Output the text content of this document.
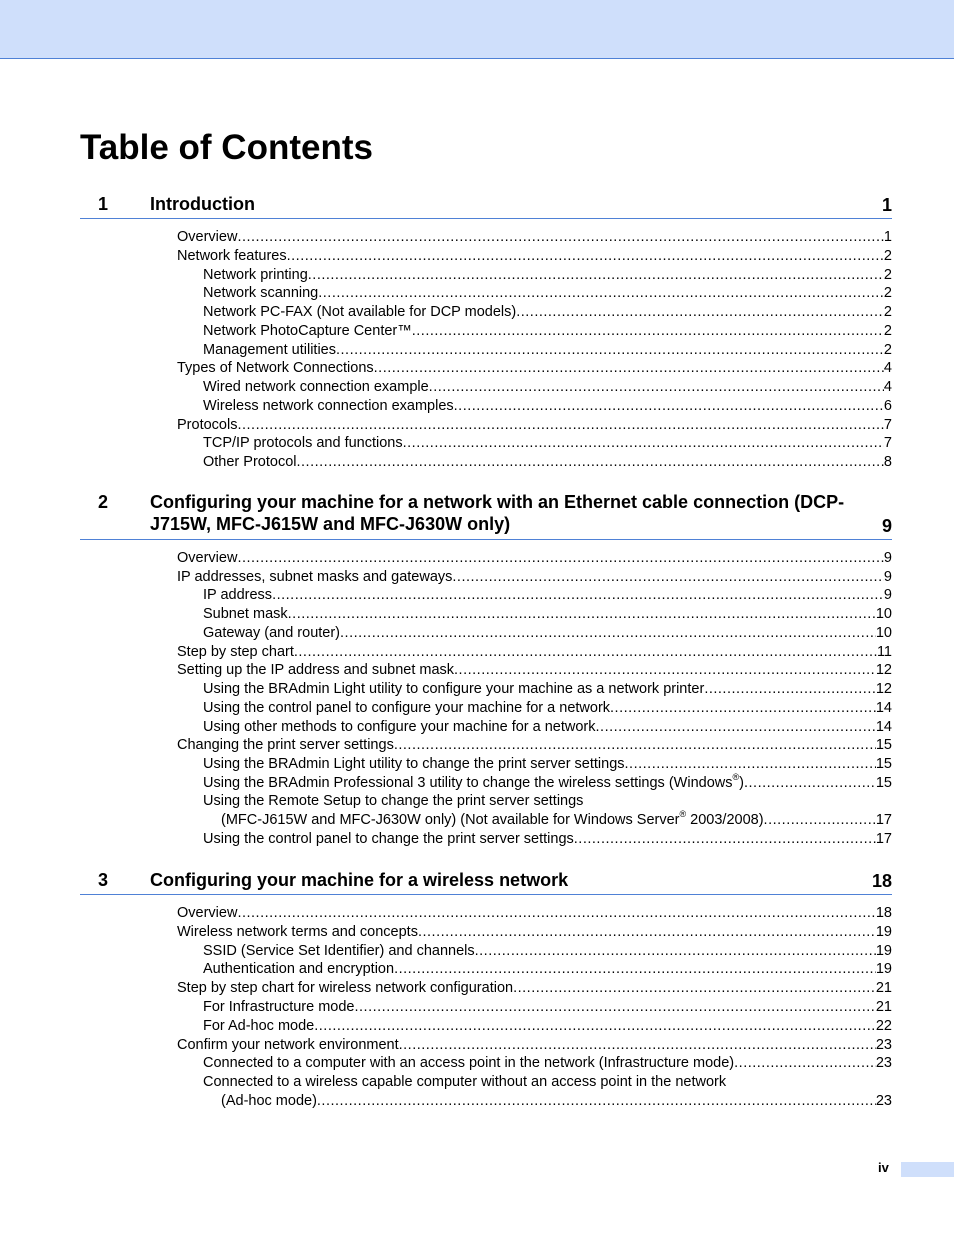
Table of Contents
1 Introduction	1
Overview .....	1
Network features .....	2
Network printing .....	2
Network scanning .....	2
Network PC-FAX (Not available for DCP models) .....	2
Network PhotoCapture Center™ .....	2
Management utilities .....	2
Types of Network Connections .....	4
Wired network connection example .....	4
Wireless network connection examples .....	6
Protocols .....	7
TCP/IP protocols and functions .....	7
Other Protocol .....	8
2 Configuring your machine for a network with an Ethernet cable connection (DCP-J715W, MFC-J615W and MFC-J630W only)	9
Overview .....	9
IP addresses, subnet masks and gateways .....	9
IP address .....	9
Subnet mask .....	10
Gateway (and router) .....	10
Step by step chart .....	11
Setting up the IP address and subnet mask .....	12
Using the BRAdmin Light utility to configure your machine as a network printer .....	12
Using the control panel to configure your machine for a network .....	14
Using other methods to configure your machine for a network .....	14
Changing the print server settings .....	15
Using the BRAdmin Light utility to change the print server settings .....	15
Using the BRAdmin Professional 3 utility to change the wireless settings (Windows®) .....	15
Using the Remote Setup to change the print server settings
(MFC-J615W and MFC-J630W only) (Not available for Windows Server® 2003/2008) .....	17
Using the control panel to change the print server settings .....	17
3 Configuring your machine for a wireless network	18
Overview .....	18
Wireless network terms and concepts .....	19
SSID (Service Set Identifier) and channels .....	19
Authentication and encryption .....	19
Step by step chart for wireless network configuration .....	21
For Infrastructure mode .....	21
For Ad-hoc mode .....	22
Confirm your network environment .....	23
Connected to a computer with an access point in the network (Infrastructure mode) .....	23
Connected to a wireless capable computer without an access point in the network
(Ad-hoc mode) .....	23
iv
